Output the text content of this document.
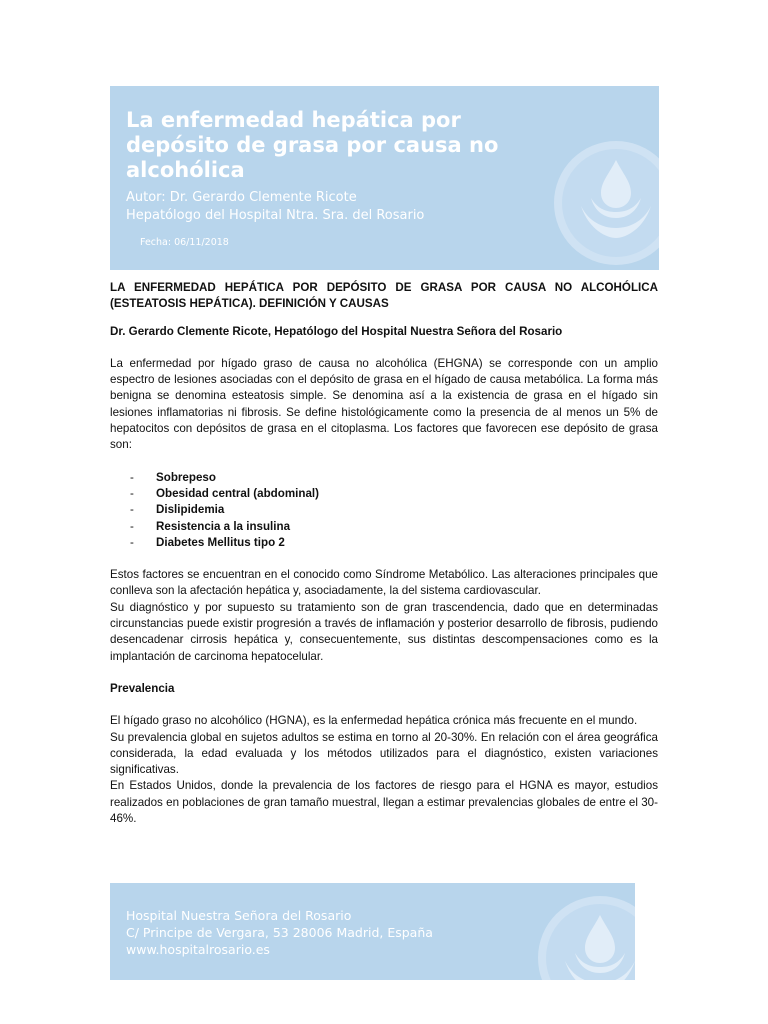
La enfermedad hepática por depósito de grasa por causa no alcohólica
Autor: Dr. Gerardo Clemente Ricote
Hepatólogo del Hospital Ntra. Sra. del Rosario
Fecha: 06/11/2018

LA ENFERMEDAD HEPÁTICA POR DEPÓSITO DE GRASA POR CAUSA NO ALCOHÓLICA (ESTEATOSIS HEPÁTICA). DEFINICIÓN Y CAUSAS

Dr. Gerardo Clemente Ricote, Hepatólogo del Hospital Nuestra Señora del Rosario

La enfermedad por hígado graso de causa no alcohólica (EHGNA) se corresponde con un amplio espectro de lesiones asociadas con el depósito de grasa en el hígado de causa metabólica. La forma más benigna se denomina esteatosis simple. Se denomina así a la existencia de grasa en el hígado sin lesiones inflamatorias ni fibrosis. Se define histológicamente como la presencia de al menos un 5% de hepatocitos con depósitos de grasa en el citoplasma. Los factores que favorecen ese depósito de grasa son:

- Sobrepeso
- Obesidad central (abdominal)
- Dislipidemia
- Resistencia a la insulina
- Diabetes Mellitus tipo 2

Estos factores se encuentran en el conocido como Síndrome Metabólico. Las alteraciones principales que conlleva son la afectación hepática y, asociadamente, la del sistema cardiovascular.

Su diagnóstico y por supuesto su tratamiento son de gran trascendencia, dado que en determinadas circunstancias puede existir progresión a través de inflamación y posterior desarrollo de fibrosis, pudiendo desencadenar cirrosis hepática y, consecuentemente, sus distintas descompensaciones como es la implantación de carcinoma hepatocelular.

Prevalencia

El hígado graso no alcohólico (HGNA), es la enfermedad hepática crónica más frecuente en el mundo.

Su prevalencia global en sujetos adultos se estima en torno al 20-30%. En relación con el área geográfica considerada, la edad evaluada y los métodos utilizados para el diagnóstico, existen variaciones significativas.

En Estados Unidos, donde la prevalencia de los factores de riesgo para el HGNA es mayor, estudios realizados en poblaciones de gran tamaño muestral, llegan a estimar prevalencias globales de entre el 30-46%.

Hospital Nuestra Señora del Rosario
C/ Principe de Vergara, 53 28006 Madrid, España
www.hospitalrosario.es
